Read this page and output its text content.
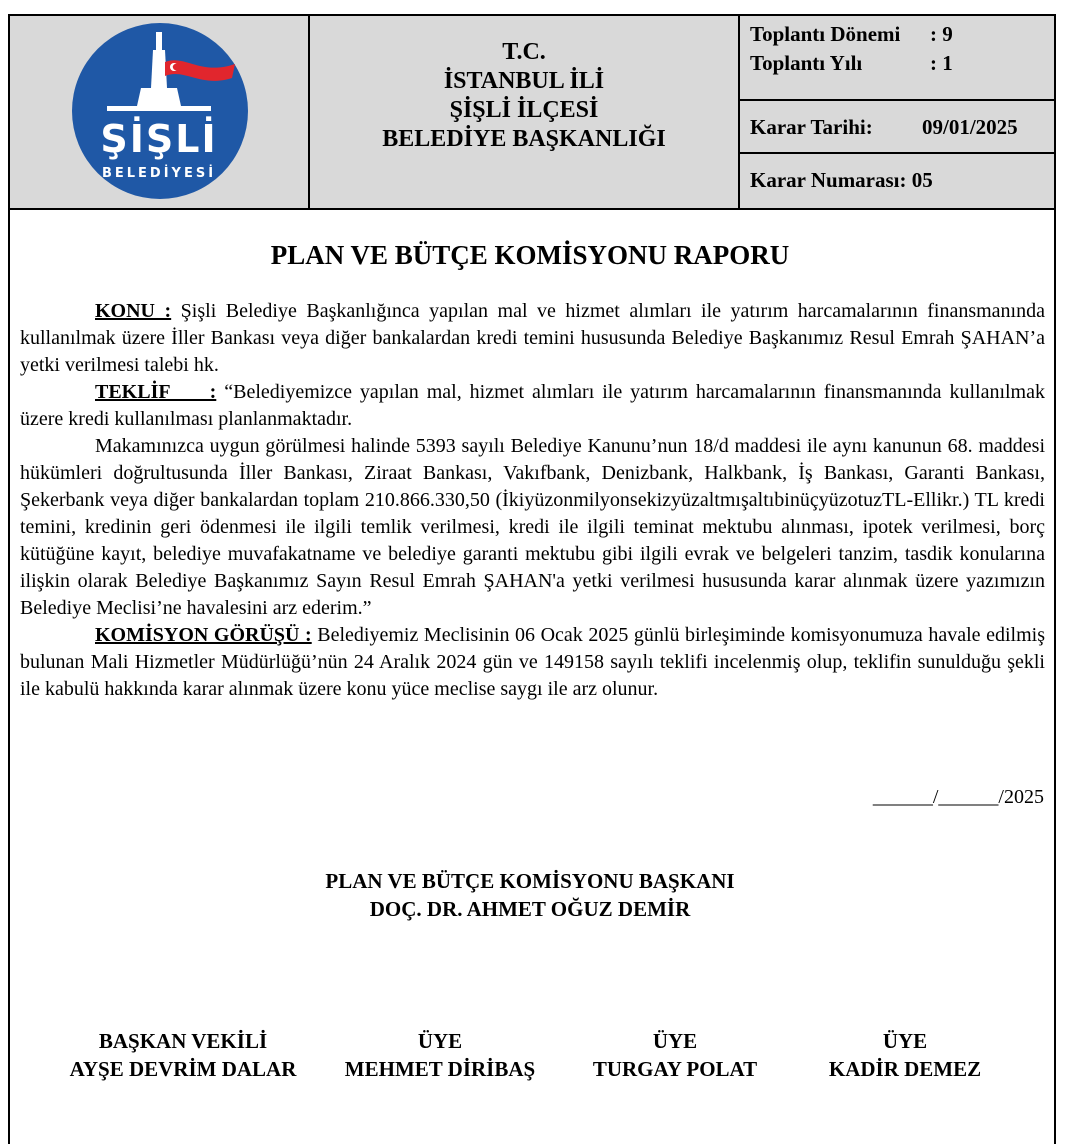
ŞİŞLİ
BELEDİYESİ
T.C.
İSTANBUL İLİ
ŞİŞLİ İLÇESİ
BELEDİYE BAŞKANLIĞI
Toplantı Dönemi : 9
Toplantı Yılı	: 1
Karar Tarihi: 09/01/2025
Karar Numarası: 05
PLAN VE BÜTÇE KOMİSYONU RAPORU

KONU : Şişli Belediye Başkanlığınca yapılan mal ve hizmet alımları ile yatırım harcamalarının finansmanında kullanılmak üzere İller Bankası veya diğer bankalardan kredi temini hususunda Belediye Başkanımız Resul Emrah ŞAHAN’a yetki verilmesi talebi hk.

TEKLİF     : “Belediyemizce yapılan mal, hizmet alımları ile yatırım harcamalarının finansmanında kullanılmak üzere kredi kullanılması planlanmaktadır.

Makamınızca uygun görülmesi halinde 5393 sayılı Belediye Kanunu’nun 18/d maddesi ile aynı kanunun 68. maddesi hükümleri doğrultusunda İller Bankası, Ziraat Bankası, Vakıfbank, Denizbank, Halkbank, İş Bankası, Garanti Bankası, Şekerbank veya diğer bankalardan toplam 210.866.330,50 (İkiyüzonmilyonsekizyüzaltmışaltıbinüçyüzotuzTL-Ellikr.) TL kredi temini, kredinin geri ödenmesi ile ilgili temlik verilmesi, kredi ile ilgili teminat mektubu alınması, ipotek verilmesi, borç kütüğüne kayıt, belediye muvafakatname ve belediye garanti mektubu gibi ilgili evrak ve belgeleri tanzim, tasdik konularına ilişkin olarak Belediye Başkanımız Sayın Resul Emrah ŞAHAN'a yetki verilmesi hususunda karar alınmak üzere yazımızın Belediye Meclisi’ne havalesini arz ederim.”

KOMİSYON GÖRÜŞÜ : Belediyemiz Meclisinin 06 Ocak 2025 günlü birleşiminde komisyonumuza havale edilmiş bulunan Mali Hizmetler Müdürlüğü’nün 24 Aralık 2024 gün ve 149158 sayılı teklifi incelenmiş olup, teklifin sunulduğu şekli ile kabulü hakkında karar alınmak üzere konu yüce meclise saygı ile arz olunur.

______/______/2025
PLAN VE BÜTÇE KOMİSYONU BAŞKANI
DOÇ. DR. AHMET OĞUZ DEMİR
BAŞKAN VEKİLİ
AYŞE DEVRİM DALAR
ÜYE
MEHMET DİRİBAŞ
ÜYE
TURGAY POLAT
ÜYE
KADİR DEMEZ
